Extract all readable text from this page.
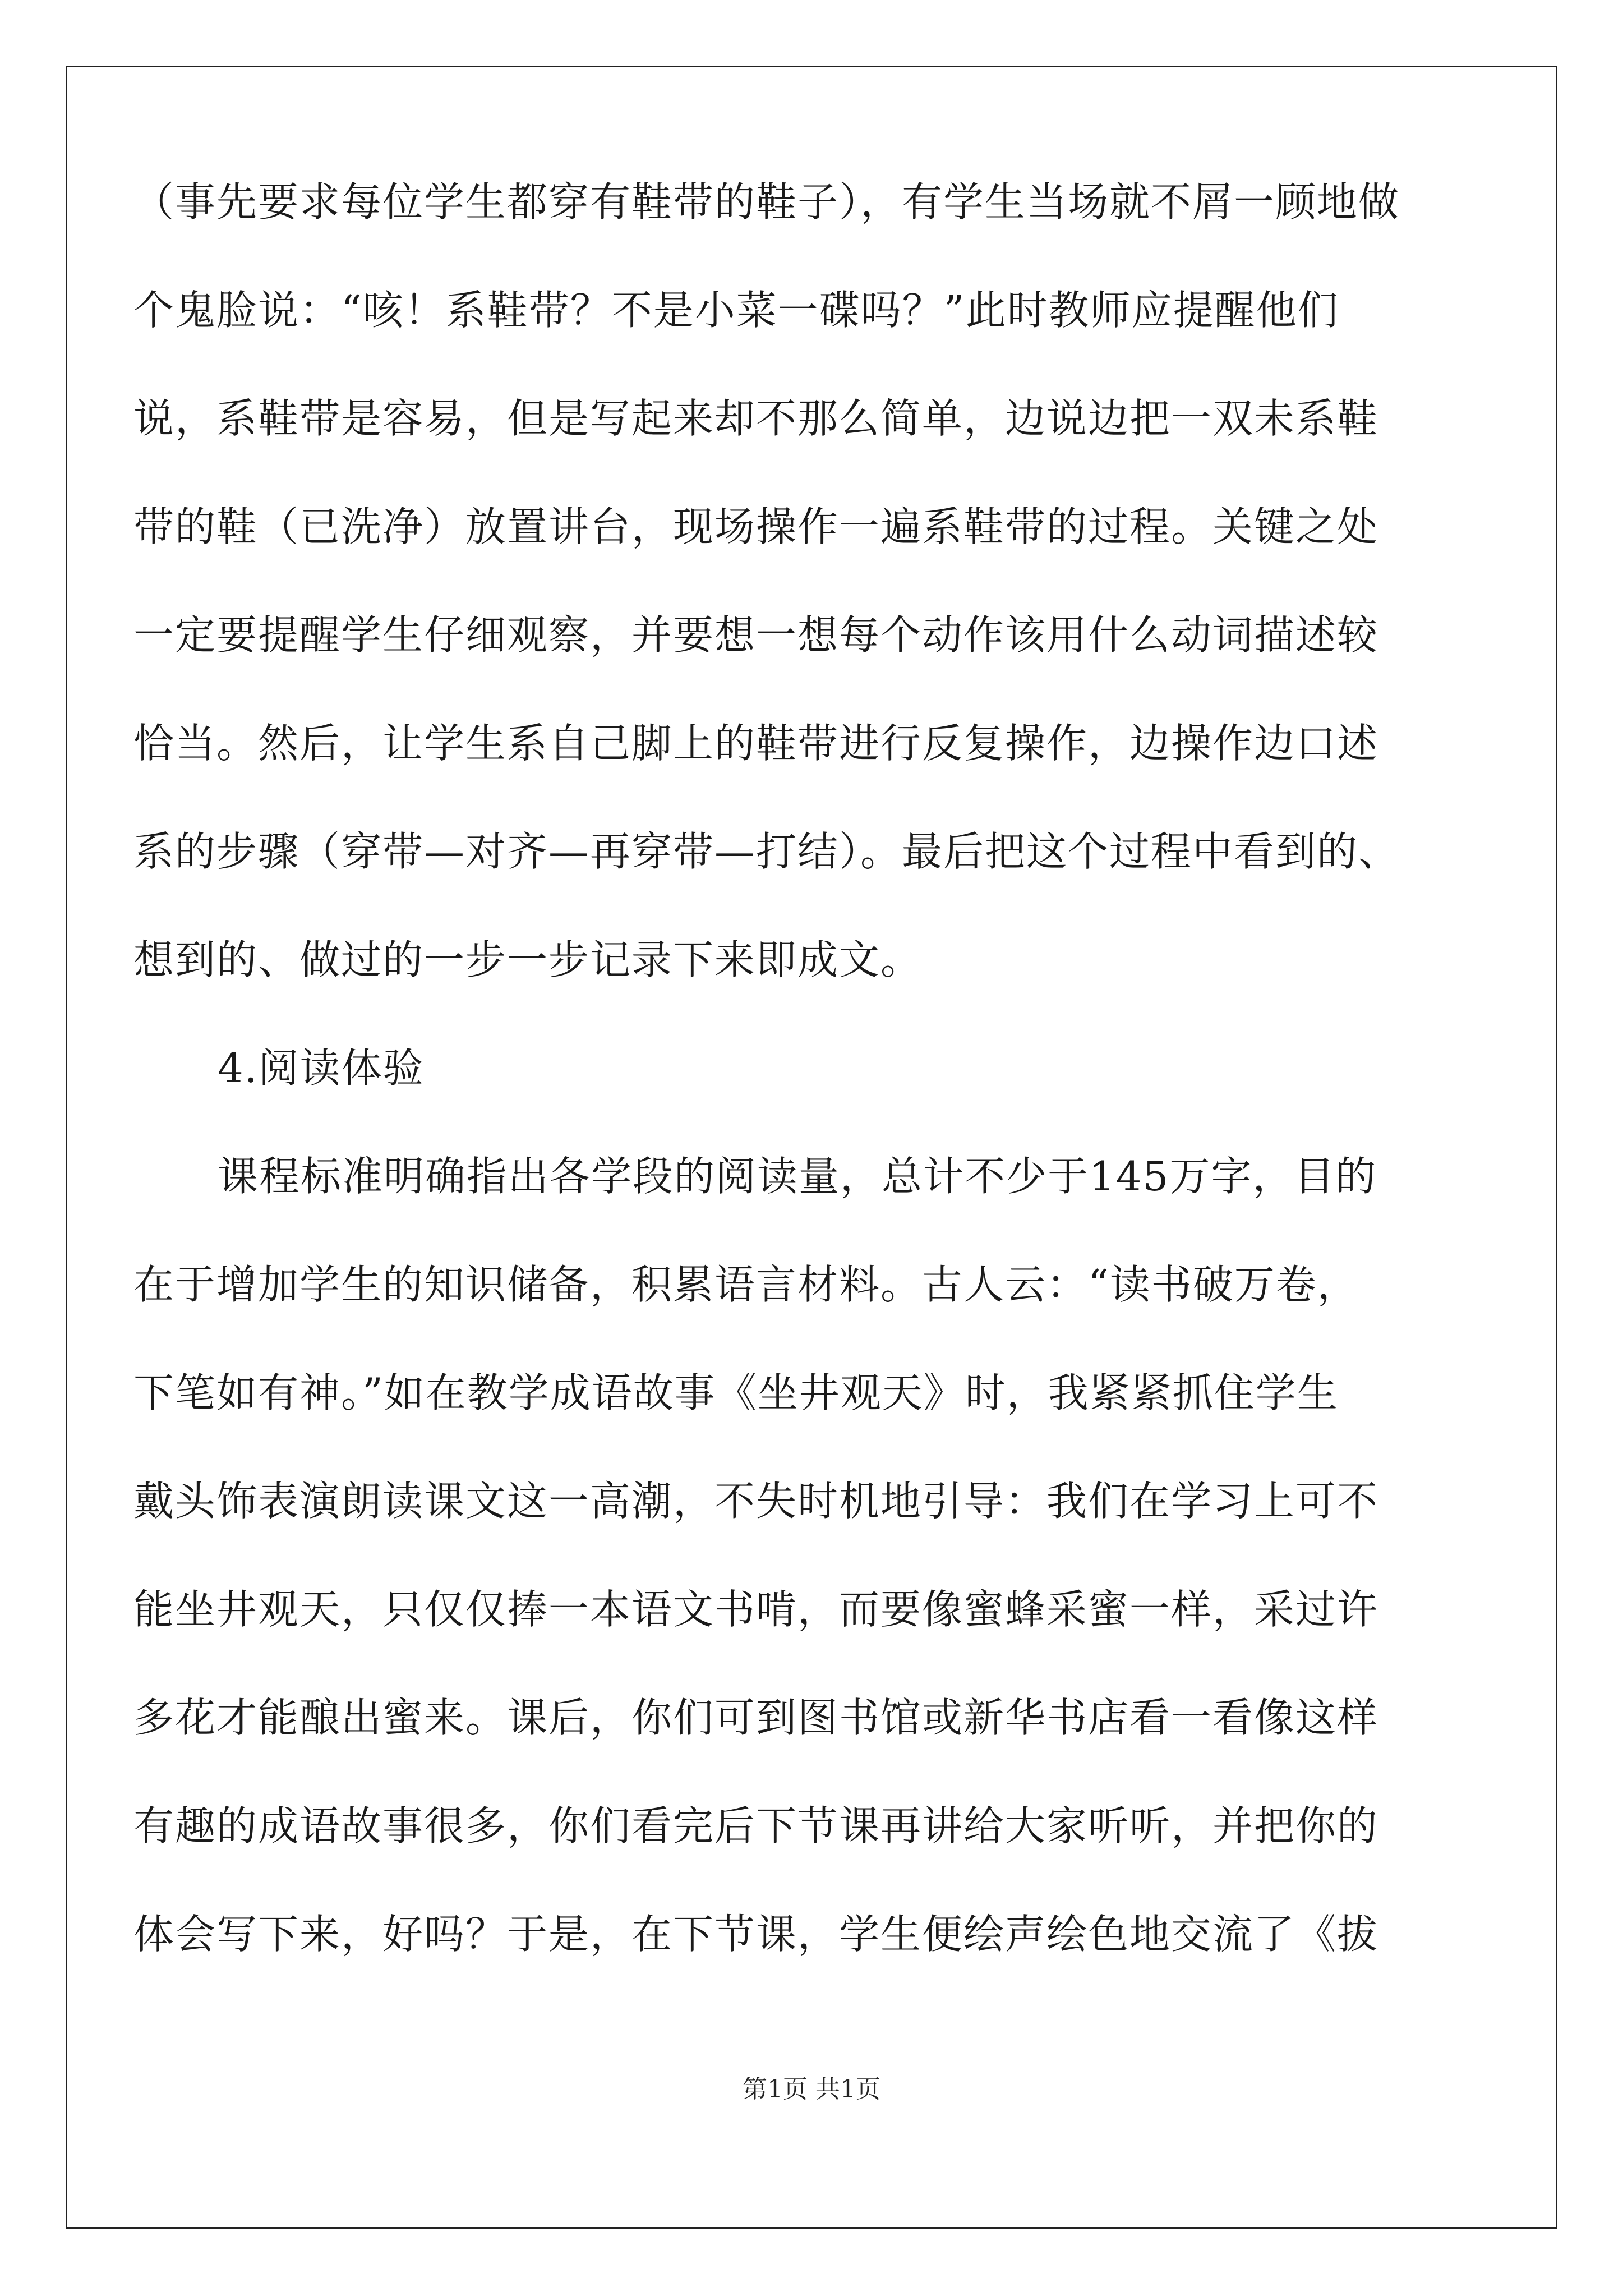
（事先要求每位学生都穿有鞋带的鞋子），有学生当场就不屑一顾地做
个鬼脸说：“咳！系鞋带？不是小菜一碟吗？”此时教师应提醒他们
说，系鞋带是容易，但是写起来却不那么简单，边说边把一双未系鞋
带的鞋（已洗净）放置讲台，现场操作一遍系鞋带的过程。关键之处
一定要提醒学生仔细观察，并要想一想每个动作该用什么动词描述较
恰当。然后，让学生系自己脚上的鞋带进行反复操作，边操作边口述
系的步骤（穿带—对齐—再穿带—打结）。最后把这个过程中看到的、
想到的、做过的一步一步记录下来即成文。
4.阅读体验
课程标准明确指出各学段的阅读量，总计不少于145万字，目的
在于增加学生的知识储备，积累语言材料。古人云：“读书破万卷，
下笔如有神。”如在教学成语故事《坐井观天》时，我紧紧抓住学生
戴头饰表演朗读课文这一高潮，不失时机地引导：我们在学习上可不
能坐井观天，只仅仅捧一本语文书啃，而要像蜜蜂采蜜一样，采过许
多花才能酿出蜜来。课后，你们可到图书馆或新华书店看一看像这样
有趣的成语故事很多，你们看完后下节课再讲给大家听听，并把你的
体会写下来，好吗？于是，在下节课，学生便绘声绘色地交流了《拔
第1页 共1页
